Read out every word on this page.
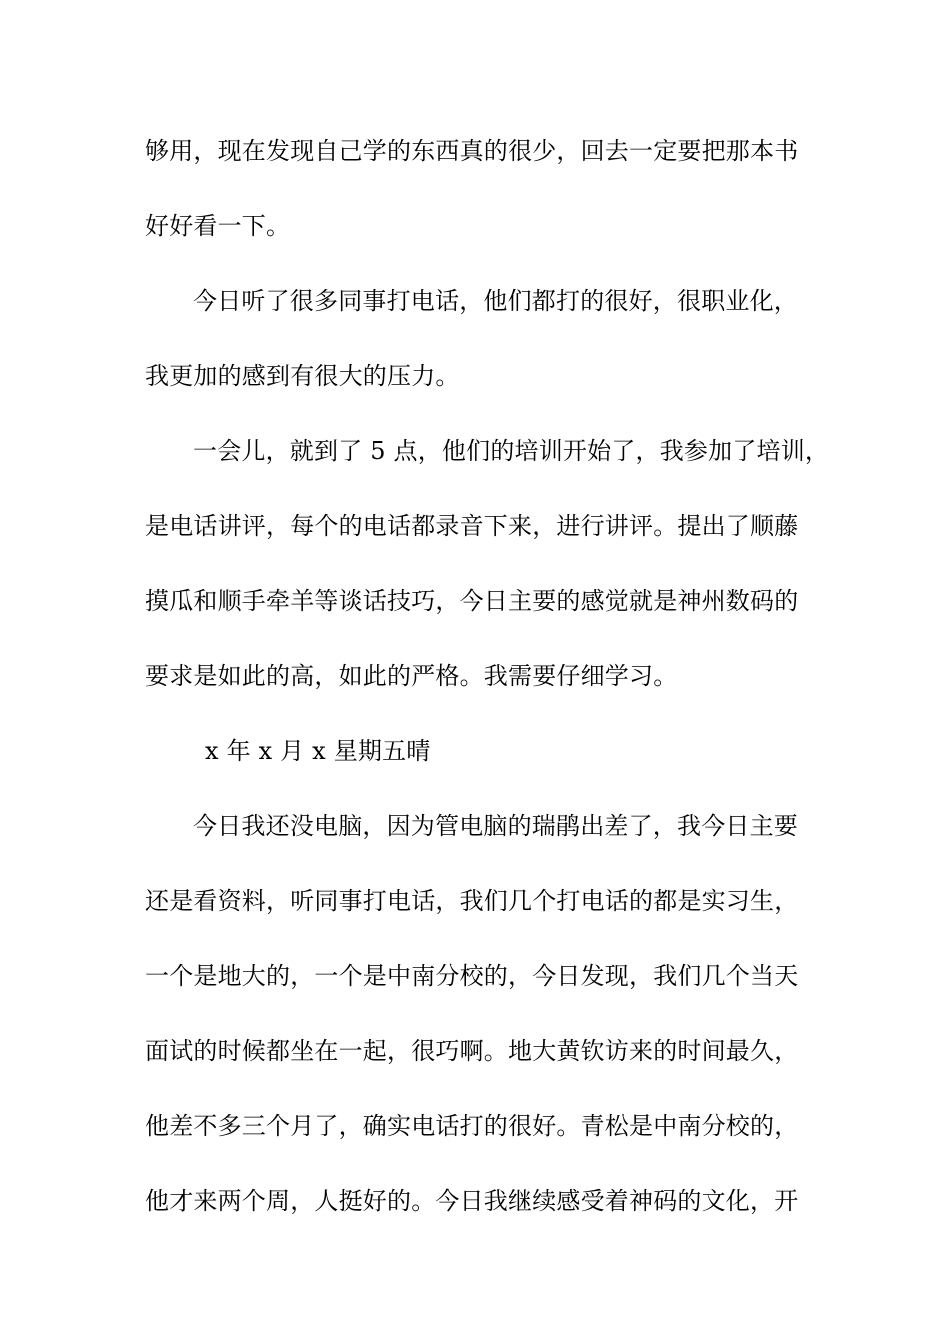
够用，现在发现自己学的东西真的很少，回去一定要把那本书
好好看一下。
今日听了很多同事打电话，他们都打的很好，很职业化，
我更加的感到有很大的压力。
一会儿，就到了 5 点，他们的培训开始了，我参加了培训，
是电话讲评，每个的电话都录音下来，进行讲评。提出了顺藤
摸瓜和顺手牵羊等谈话技巧，今日主要的感觉就是神州数码的
要求是如此的高，如此的严格。我需要仔细学习。
x 年 x 月 x 星期五晴
今日我还没电脑，因为管电脑的瑞鹃出差了，我今日主要
还是看资料，听同事打电话，我们几个打电话的都是实习生，
一个是地大的，一个是中南分校的，今日发现，我们几个当天
面试的时候都坐在一起，很巧啊。地大黄钦访来的时间最久，
他差不多三个月了，确实电话打的很好。青松是中南分校的，
他才来两个周，人挺好的。今日我继续感受着神码的文化，开
